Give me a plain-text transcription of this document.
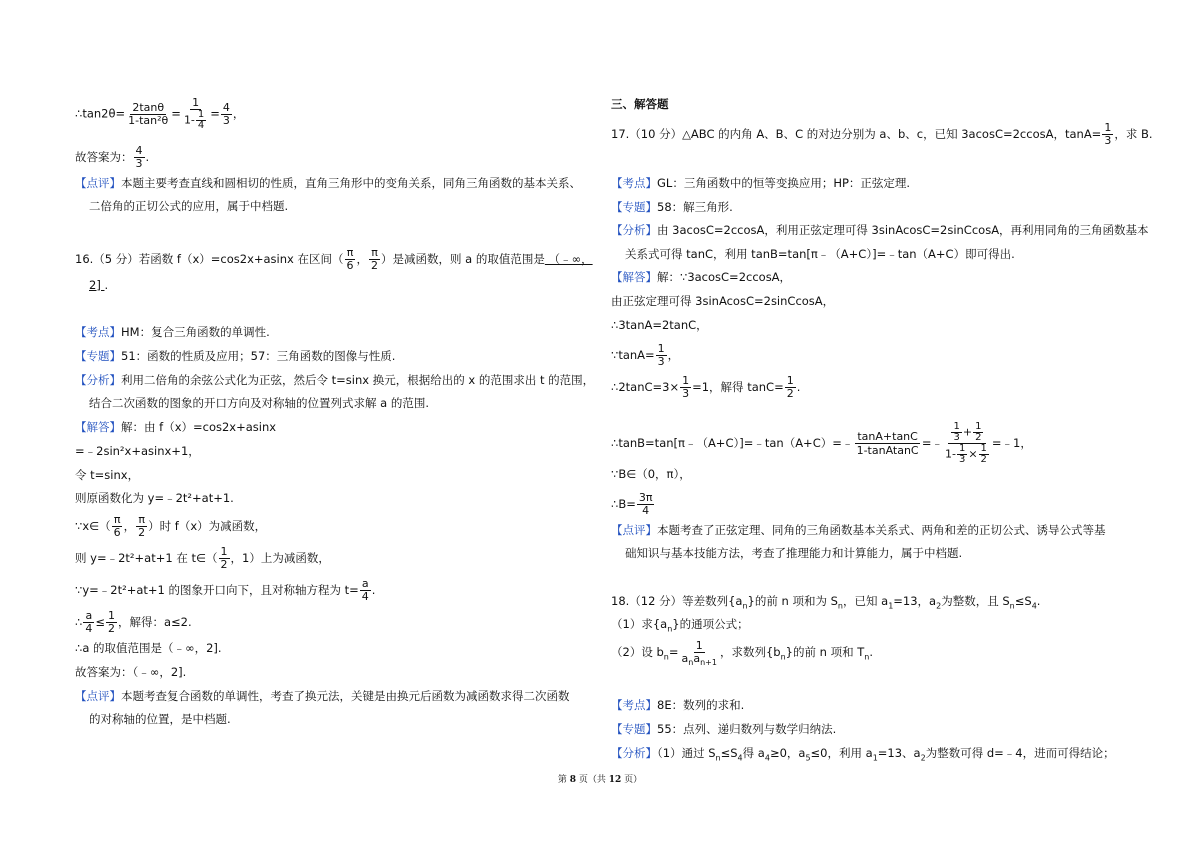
∴tan2θ= $\frac{2\tan\theta}{\text{1-tan²θ}} = \frac{1}{1- \frac{1}{4}} = \frac{4}{3}$ ，
故答案为： $\frac{4}{3}$ .
【点评】本题主要考查直线和圆相切的性质，直角三角形中的变角关系，同角三角函数的基本关系、
二倍角的正切公式的应用，属于中档题.
16.（5 分）若函数 f（x）=cos2x+asinx 在区间（ $\frac{\pi}{6}$ ， $\frac{\pi}{2}$ ）是减函数，则 a 的取值范围是 （﹣∞，
2] .
【考点】HM：复合三角函数的单调性.
【专题】51：函数的性质及应用；57：三角函数的图像与性质.
【分析】利用二倍角的余弦公式化为正弦，然后令 t=sinx 换元，根据给出的 x 的范围求出 t 的范围，
结合二次函数的图象的开口方向及对称轴的位置列式求解 a 的范围.
【解答】解：由 f（x）=cos2x+asinx
=﹣2sin²x+asinx+1，
令 t=sinx，
则原函数化为 y=﹣2t²+at+1.
∵x∈（ $\frac{\pi}{6}$ ， $\frac{\pi}{2}$ ）时 f（x）为减函数，
则 y=﹣2t²+at+1 在 t∈（ $\frac{1}{2}$ ，1）上为减函数，
∵y=﹣2t²+at+1 的图象开口向下，且对称轴方程为 $t= \frac{a}{4}$ .
∴ $\frac{a}{4} \le \frac{1}{2}$ ，解得：a≤2.
∴a 的取值范围是（﹣∞，2].
故答案为：（﹣∞，2].
【点评】本题考查复合函数的单调性，考查了换元法，关键是由换元后函数为减函数求得二次函数
的对称轴的位置，是中档题.
三、解答题
17.（10 分）△ABC 的内角 A、B、C 的对边分别为 a、b、c，已知 3acosC=2ccosA，$\tan A= \frac{1}{3}$ ，求 B.
【考点】GL：三角函数中的恒等变换应用；HP：正弦定理.
【专题】58：解三角形.
【分析】由 3acosC=2ccosA，利用正弦定理可得 3sinAcosC=2sinCcosA，再利用同角的三角函数基本
关系式可得 tanC，利用 tanB=tan[π﹣（A+C）]=﹣tan（A+C）即可得出.
【解答】解：∵3acosC=2ccosA，
由正弦定理可得 3sinAcosC=2sinCcosA，
∴3tanA=2tanC，
∵tanA= $\frac{1}{3}$ ，
∴2tanC=3× $\frac{1}{3} =1$，解得 $\tan C= \frac{1}{2}$ .
∴tanB=tan[π﹣（A+C）]=﹣tan（A+C）=﹣ $\frac{\tan A+\tan C}{\text{1-tanAtanC}}$ =﹣ $\frac{\frac{1}{3} + \frac{1}{2}}{1- \frac{1}{3} \times \frac{1}{2}}$ =﹣1，
∵B∈（0，π），
∴B= $\frac{3\pi}{4}$
【点评】本题考查了正弦定理、同角的三角函数基本关系式、两角和差的正切公式、诱导公式等基
础知识与基本技能方法，考查了推理能力和计算能力，属于中档题.
18.（12 分）等差数列$\{a_n\}$的前 n 项和为 $S_n$，已知 $a_1=13$，$a_2$为整数，且 $S_n\le S_4$.
（1）求$\{a_n\}$的通项公式；
（2）设 $b_n= \frac{1}{a_na_{n+1}}$ ，求数列$\{b_n\}$的前 n 项和 $T_n$.
【考点】8E：数列的求和.
【专题】55：点列、递归数列与数学归纳法.
【分析】（1）通过 $S_n\le S_4$得 $a_4\ge 0$，$a_5\le 0$，利用 $a_1=13$、$a_2$为整数可得 d=﹣4，进而可得结论；
第 8 页（共 12 页）
